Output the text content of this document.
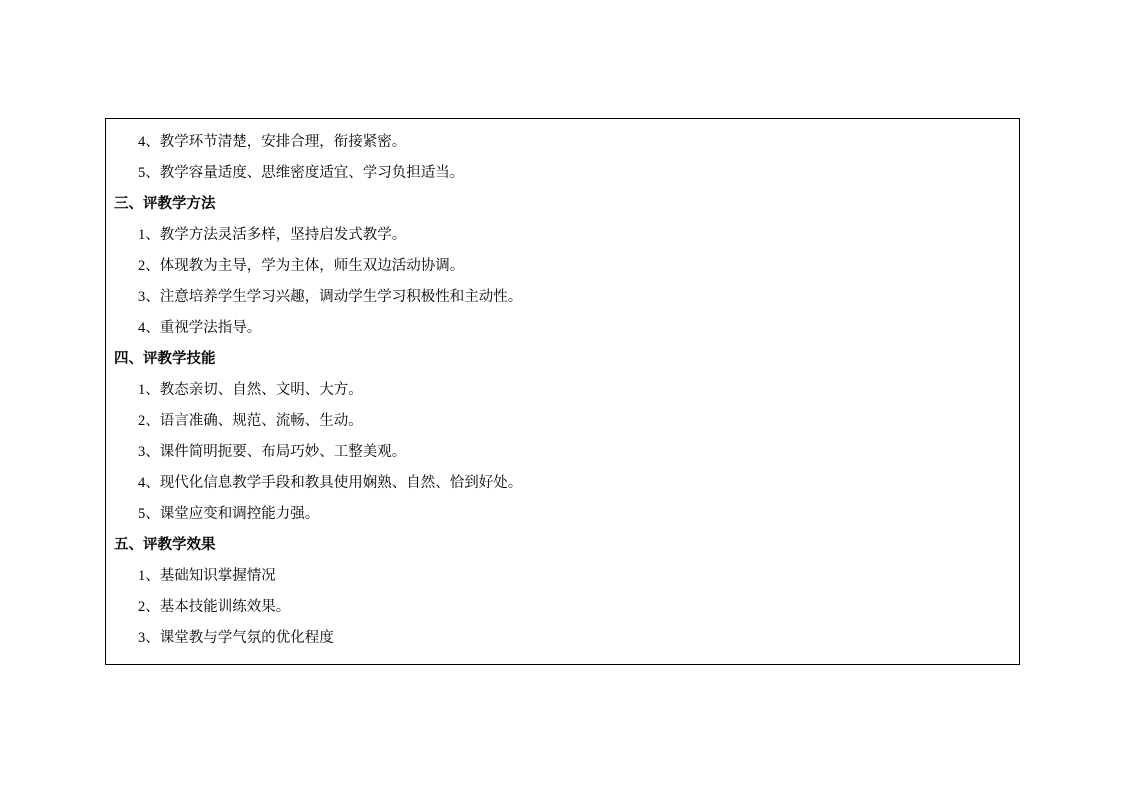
4、教学环节清楚，安排合理，衔接紧密。
5、教学容量适度、思维密度适宜、学习负担适当。
三、评教学方法
1、教学方法灵活多样，坚持启发式教学。
2、体现教为主导，学为主体，师生双边活动协调。
3、注意培养学生学习兴趣，调动学生学习积极性和主动性。
4、重视学法指导。
四、评教学技能
1、教态亲切、自然、文明、大方。
2、语言准确、规范、流畅、生动。
3、课件简明扼要、布局巧妙、工整美观。
4、现代化信息教学手段和教具使用娴熟、自然、恰到好处。
5、课堂应变和调控能力强。
五、评教学效果
1、基础知识掌握情况
2、基本技能训练效果。
3、课堂教与学气氛的优化程度
